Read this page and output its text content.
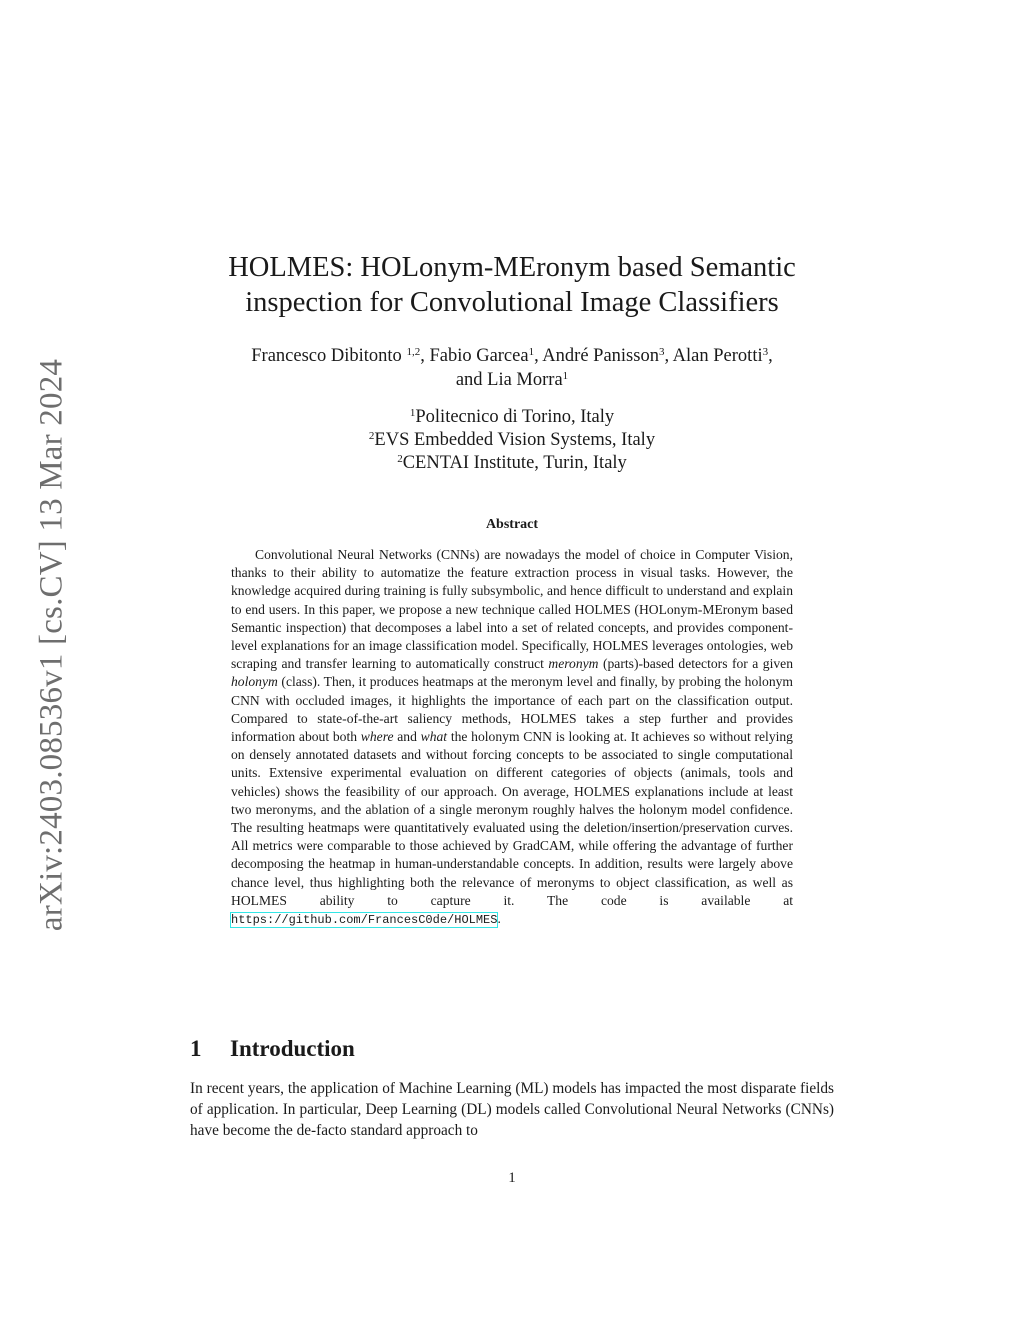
arXiv:2403.08536v1 [cs.CV] 13 Mar 2024
HOLMES: HOLonym-MEronym based Semantic
inspection for Convolutional Image Classifiers
Francesco Dibitonto $^{1,2}$, Fabio Garcea$^1$, André Panisson$^3$, Alan Perotti$^3$,
and Lia Morra$^1$
$^1$Politecnico di Torino, Italy
$^2$EVS Embedded Vision Systems, Italy
$^2$CENTAI Institute, Turin, Italy
Abstract

Convolutional Neural Networks (CNNs) are nowadays the model of choice in Computer Vision, thanks to their ability to automatize the feature extraction process in visual tasks. However, the knowledge acquired during training is fully subsymbolic, and hence difficult to understand and explain to end users. In this paper, we propose a new technique called HOLMES (HOLonym-MEronym based Semantic inspection) that decomposes a label into a set of related concepts, and provides component-level explanations for an image classification model. Specifically, HOLMES leverages ontologies, web scraping and transfer learning to automatically construct meronym (parts)-based detectors for a given holonym (class). Then, it produces heatmaps at the meronym level and finally, by probing the holonym CNN with occluded images, it highlights the importance of each part on the classification output. Compared to state-of-the-art saliency methods, HOLMES takes a step further and provides information about both where and what the holonym CNN is looking at. It achieves so without relying on densely annotated datasets and without forcing concepts to be associated to single computational units. Extensive experimental evaluation on different categories of objects (animals, tools and vehicles) shows the feasibility of our approach. On average, HOLMES explanations include at least two meronyms, and the ablation of a single meronym roughly halves the holonym model confidence. The resulting heatmaps were quantitatively evaluated using the deletion/insertion/preservation curves. All metrics were comparable to those achieved by GradCAM, while offering the advantage of further decomposing the heatmap in human-understandable concepts. In addition, results were largely above chance level, thus highlighting both the relevance of meronyms to object classification, as well as HOLMES ability to capture it. The code is available at https://github.com/FrancesC0de/HOLMES.

1 Introduction

In recent years, the application of Machine Learning (ML) models has impacted the most disparate fields of application. In particular, Deep Learning (DL) models called Convolutional Neural Networks (CNNs) have become the de-facto standard approach to

1
